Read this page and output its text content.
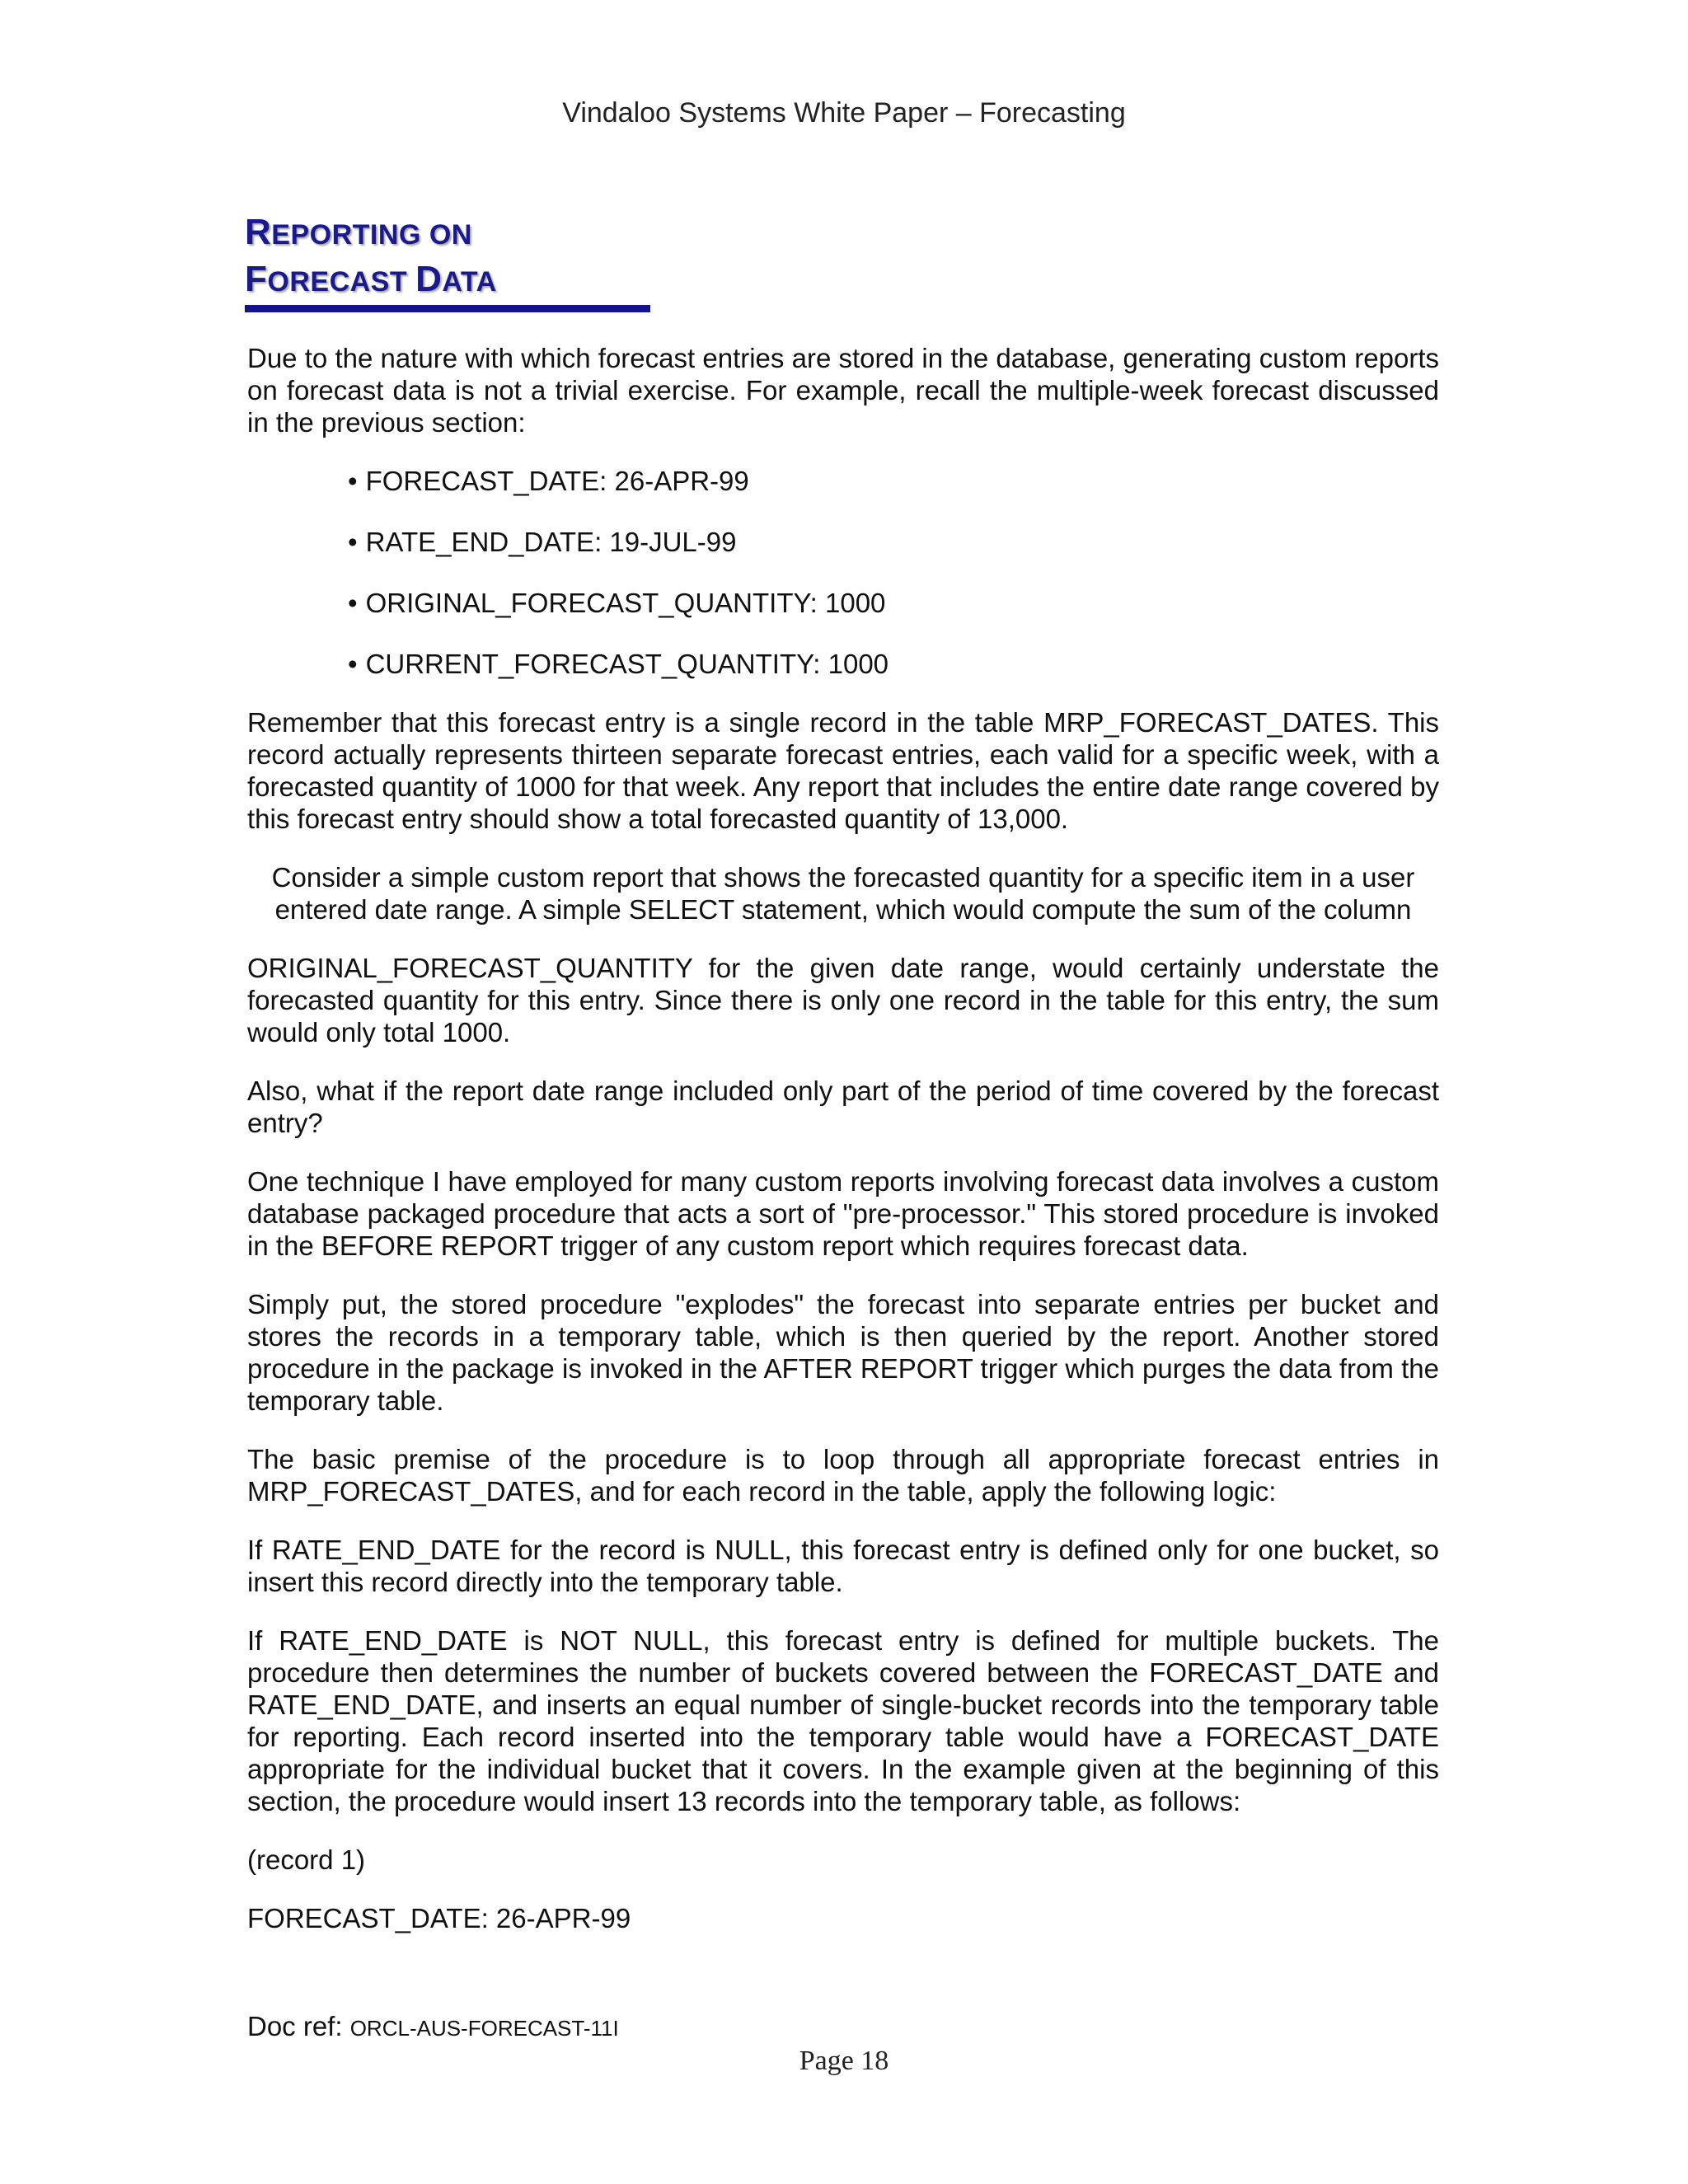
Vindaloo Systems White Paper – Forecasting
REPORTING ON
FORECAST DATA

Due to the nature with which forecast entries are stored in the database, generating custom reports on forecast data is not a trivial exercise. For example, recall the multiple-week forecast discussed in the previous section:

• FORECAST_DATE: 26-APR-99
• RATE_END_DATE: 19-JUL-99
• ORIGINAL_FORECAST_QUANTITY: 1000
• CURRENT_FORECAST_QUANTITY: 1000

Remember that this forecast entry is a single record in the table MRP_FORECAST_DATES. This record actually represents thirteen separate forecast entries, each valid for a specific week, with a forecasted quantity of 1000 for that week. Any report that includes the entire date range covered by this forecast entry should show a total forecasted quantity of 13,000.

Consider a simple custom report that shows the forecasted quantity for a specific item in a user entered date range. A simple SELECT statement, which would compute the sum of the column

ORIGINAL_FORECAST_QUANTITY for the given date range, would certainly understate the forecasted quantity for this entry. Since there is only one record in the table for this entry, the sum would only total 1000.

Also, what if the report date range included only part of the period of time covered by the forecast entry?

One technique I have employed for many custom reports involving forecast data involves a custom database packaged procedure that acts a sort of "pre-processor." This stored procedure is invoked in the BEFORE REPORT trigger of any custom report which requires forecast data.

Simply put, the stored procedure "explodes" the forecast into separate entries per bucket and stores the records in a temporary table, which is then queried by the report. Another stored procedure in the package is invoked in the AFTER REPORT trigger which purges the data from the temporary table.

The basic premise of the procedure is to loop through all appropriate forecast entries in MRP_FORECAST_DATES, and for each record in the table, apply the following logic:

If RATE_END_DATE for the record is NULL, this forecast entry is defined only for one bucket, so insert this record directly into the temporary table.

If RATE_END_DATE is NOT NULL, this forecast entry is defined for multiple buckets. The procedure then determines the number of buckets covered between the FORECAST_DATE and RATE_END_DATE, and inserts an equal number of single-bucket records into the temporary table for reporting. Each record inserted into the temporary table would have a FORECAST_DATE appropriate for the individual bucket that it covers. In the example given at the beginning of this section, the procedure would insert 13 records into the temporary table, as follows:

(record 1)

FORECAST_DATE: 26-APR-99

Doc ref: ORCL-AUS-FORECAST-11I
Page 18
